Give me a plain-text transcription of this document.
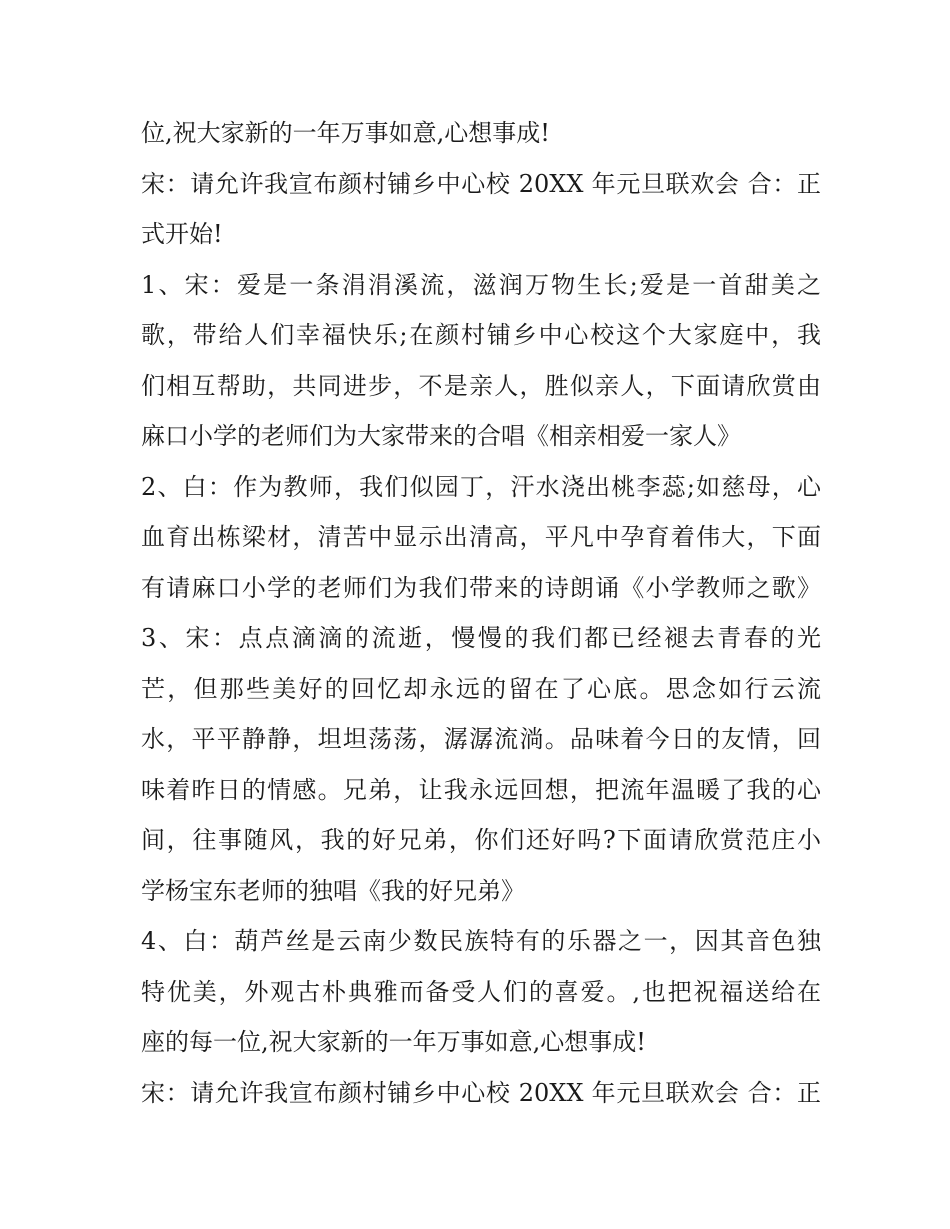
位,祝大家新的一年万事如意,心想事成!
宋：请允许我宣布颜村铺乡中心校 20XX 年元旦联欢会 合：正
式开始!
1、宋：爱是一条涓涓溪流，滋润万物生长;爱是一首甜美之
歌，带给人们幸福快乐;在颜村铺乡中心校这个大家庭中，我
们相互帮助，共同进步，不是亲人，胜似亲人，下面请欣赏由
麻口小学的老师们为大家带来的合唱《相亲相爱一家人》
2、白：作为教师，我们似园丁，汗水浇出桃李蕊;如慈母，心
血育出栋梁材，清苦中显示出清高，平凡中孕育着伟大，下面
有请麻口小学的老师们为我们带来的诗朗诵《小学教师之歌》
3、宋：点点滴滴的流逝，慢慢的我们都已经褪去青春的光
芒，但那些美好的回忆却永远的留在了心底。思念如行云流
水，平平静静，坦坦荡荡，潺潺流淌。品味着今日的友情，回
味着昨日的情感。兄弟，让我永远回想，把流年温暖了我的心
间，往事随风，我的好兄弟，你们还好吗?下面请欣赏范庄小
学杨宝东老师的独唱《我的好兄弟》
4、白：葫芦丝是云南少数民族特有的乐器之一，因其音色独
特优美，外观古朴典雅而备受人们的喜爱。,也把祝福送给在
座的每一位,祝大家新的一年万事如意,心想事成!
宋：请允许我宣布颜村铺乡中心校 20XX 年元旦联欢会 合：正
